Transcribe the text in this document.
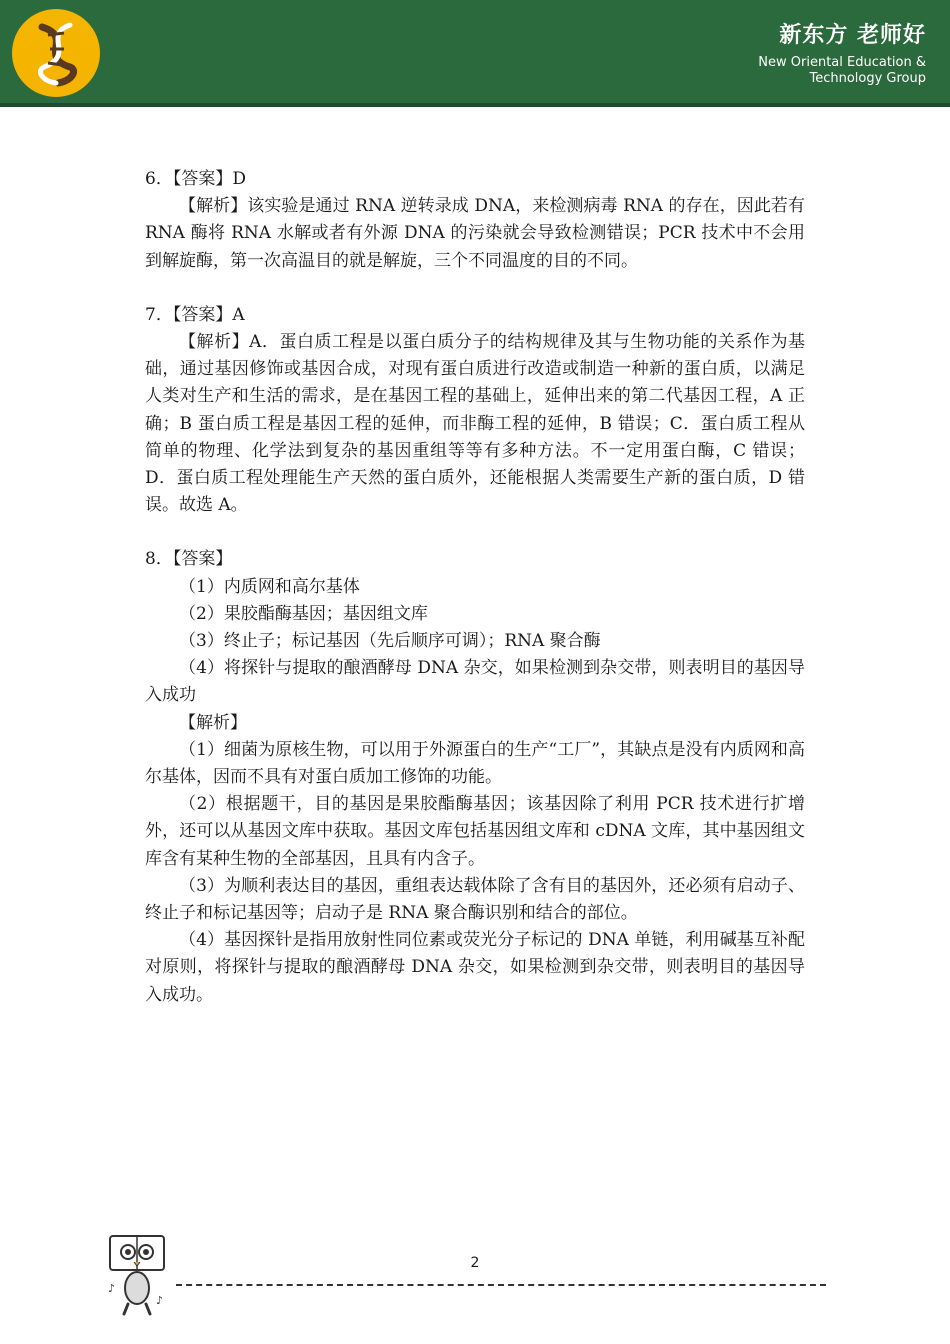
新东方 老师好
New Oriental Education &
Technology Group

6．【答案】D

【解析】该实验是通过 RNA 逆转录成 DNA，来检测病毒 RNA 的存在，因此若有 RNA 酶将 RNA 水解或者有外源 DNA 的污染就会导致检测错误；PCR 技术中不会用到解旋酶，第一次高温目的就是解旋，三个不同温度的目的不同。

7．【答案】A

【解析】A．蛋白质工程是以蛋白质分子的结构规律及其与生物功能的关系作为基础，通过基因修饰或基因合成，对现有蛋白质进行改造或制造一种新的蛋白质，以满足人类对生产和生活的需求，是在基因工程的基础上，延伸出来的第二代基因工程，A 正确；B 蛋白质工程是基因工程的延伸，而非酶工程的延伸，B 错误；C．蛋白质工程从简单的物理、化学法到复杂的基因重组等等有多种方法。不一定用蛋白酶，C 错误；D．蛋白质工程处理能生产天然的蛋白质外，还能根据人类需要生产新的蛋白质，D 错误。故选 A。

8．【答案】

（1）内质网和高尔基体

（2）果胶酯酶基因；基因组文库

（3）终止子；标记基因（先后顺序可调）；RNA 聚合酶

（4）将探针与提取的酿酒酵母 DNA 杂交，如果检测到杂交带，则表明目的基因导入成功

【解析】

（1）细菌为原核生物，可以用于外源蛋白的生产“工厂”，其缺点是没有内质网和高尔基体，因而不具有对蛋白质加工修饰的功能。

（2）根据题干，目的基因是果胶酯酶基因；该基因除了利用 PCR 技术进行扩增外，还可以从基因文库中获取。基因文库包括基因组文库和 cDNA 文库，其中基因组文库含有某种生物的全部基因，且具有内含子。

（3）为顺利表达目的基因，重组表达载体除了含有目的基因外，还必须有启动子、终止子和标记基因等；启动子是 RNA 聚合酶识别和结合的部位。

（4）基因探针是指用放射性同位素或荧光分子标记的 DNA 单链，利用碱基互补配对原则，将探针与提取的酿酒酵母 DNA 杂交，如果检测到杂交带，则表明目的基因导入成功。

♪
♪
2
